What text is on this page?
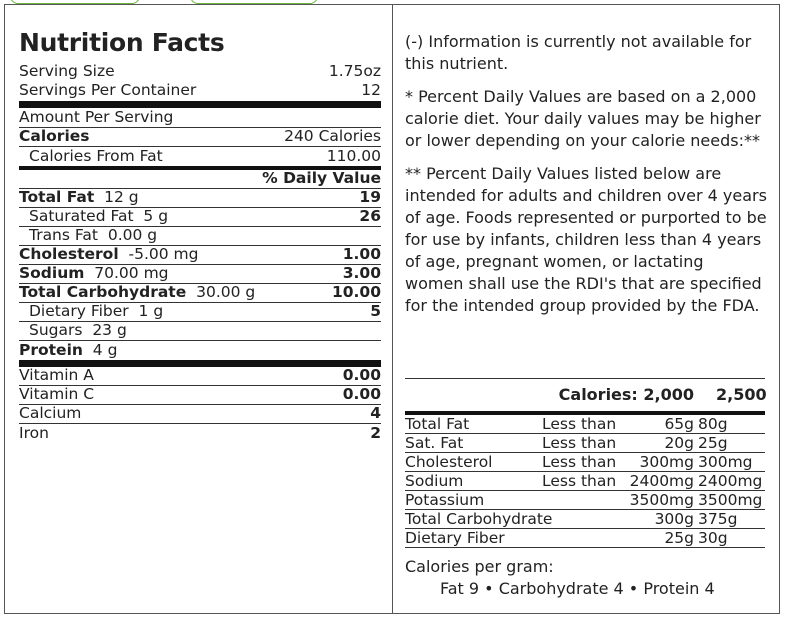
Nutrition Facts
Serving Size	1.75oz
Servings Per Container	12
Amount Per Serving
Calories	240 Calories
Calories From Fat	110.00
% Daily Value
Total Fat 12 g	19
Saturated Fat 5 g	26
Trans Fat 0.00 g
Cholesterol -5.00 mg	1.00
Sodium 70.00 mg	3.00
Total Carbohydrate 30.00 g	10.00
Dietary Fiber 1 g	5
Sugars 23 g
Protein 4 g
Vitamin A	0.00
Vitamin C	0.00
Calcium	4
Iron	2

(-) Information is currently not available for this nutrient.

* Percent Daily Values are based on a 2,000 calorie diet. Your daily values may be higher or lower depending on your calorie needs:**

** Percent Daily Values listed below are intended for adults and children over 4 years of age. Foods represented or purported to be for use by infants, children less than 4 years of age, pregnant women, or lactating women shall use the RDI's that are specified for the intended group provided by the FDA.

Calories: 2,000	2,500
Total Fat	Less than	65g 80g
Sat. Fat	Less than	20g 25g
Cholesterol	Less than 300mg 300mg
Sodium	Less than 2400mg 2400mg
Potassium	3500mg 3500mg
Total Carbohydrate	300g 375g
Dietary Fiber	25g 30g
Calories per gram:
Fat 9 • Carbohydrate 4 • Protein 4
